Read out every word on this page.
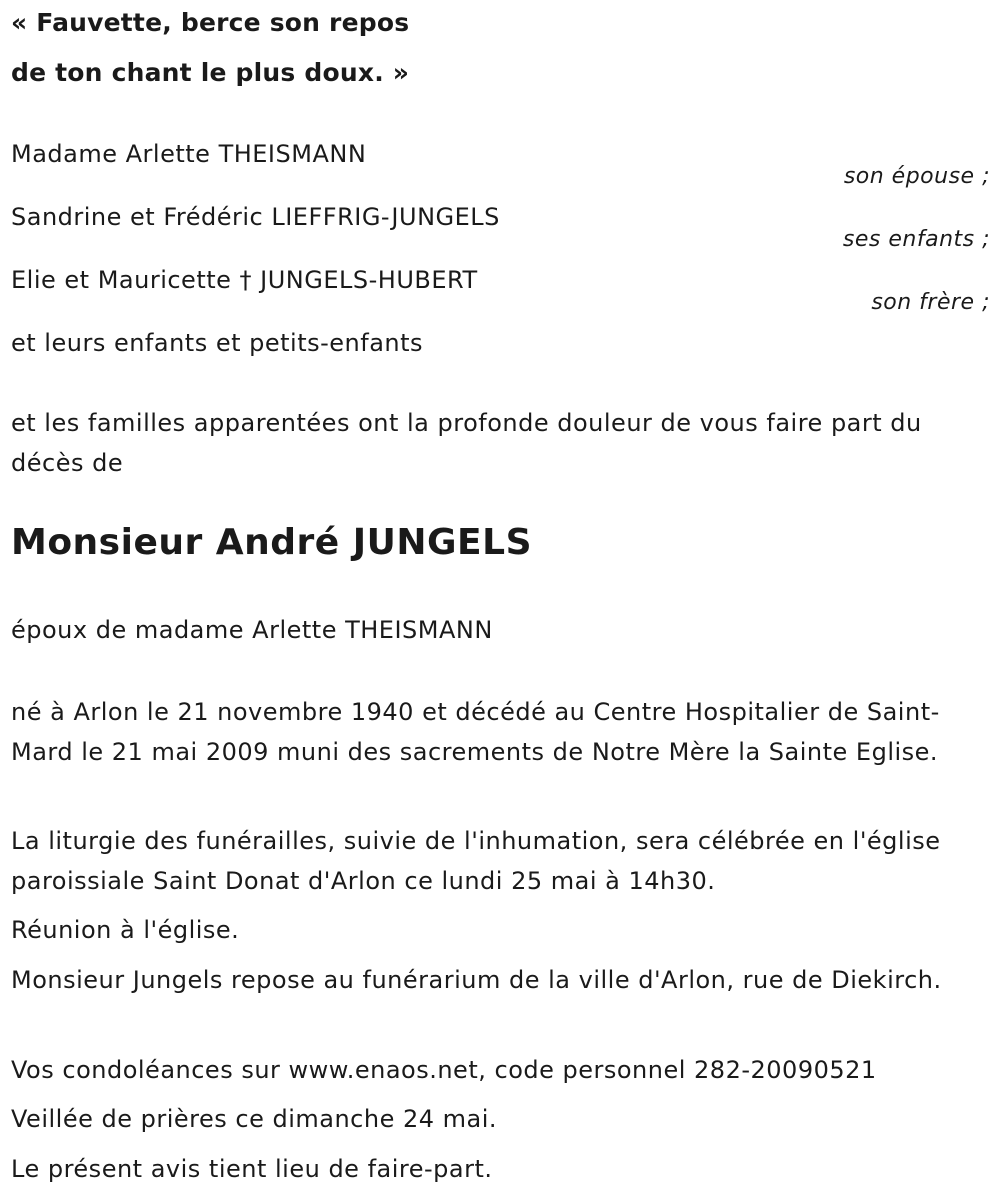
« Fauvette, berce son repos
de ton chant le plus doux. »
Madame Arlette THEISMANN
son épouse ;
Sandrine et Frédéric LIEFFRIG-JUNGELS
ses enfants ;
Elie et Mauricette † JUNGELS-HUBERT
son frère ;
et leurs enfants et petits-enfants
et les familles apparentées ont la profonde douleur de vous faire part du décès de
Monsieur André JUNGELS
époux de madame Arlette THEISMANN
né à Arlon le 21 novembre 1940 et décédé au Centre Hospitalier de Saint-Mard le 21 mai 2009 muni des sacrements de Notre Mère la Sainte Eglise.
La liturgie des funérailles, suivie de l'inhumation, sera célébrée en l'église paroissiale Saint Donat d'Arlon ce lundi 25 mai à 14h30.
Réunion à l'église.
Monsieur Jungels repose au funérarium de la ville d'Arlon, rue de Diekirch.
Vos condoléances sur www.enaos.net, code personnel 282-20090521
Veillée de prières ce dimanche 24 mai.
Le présent avis tient lieu de faire-part.
